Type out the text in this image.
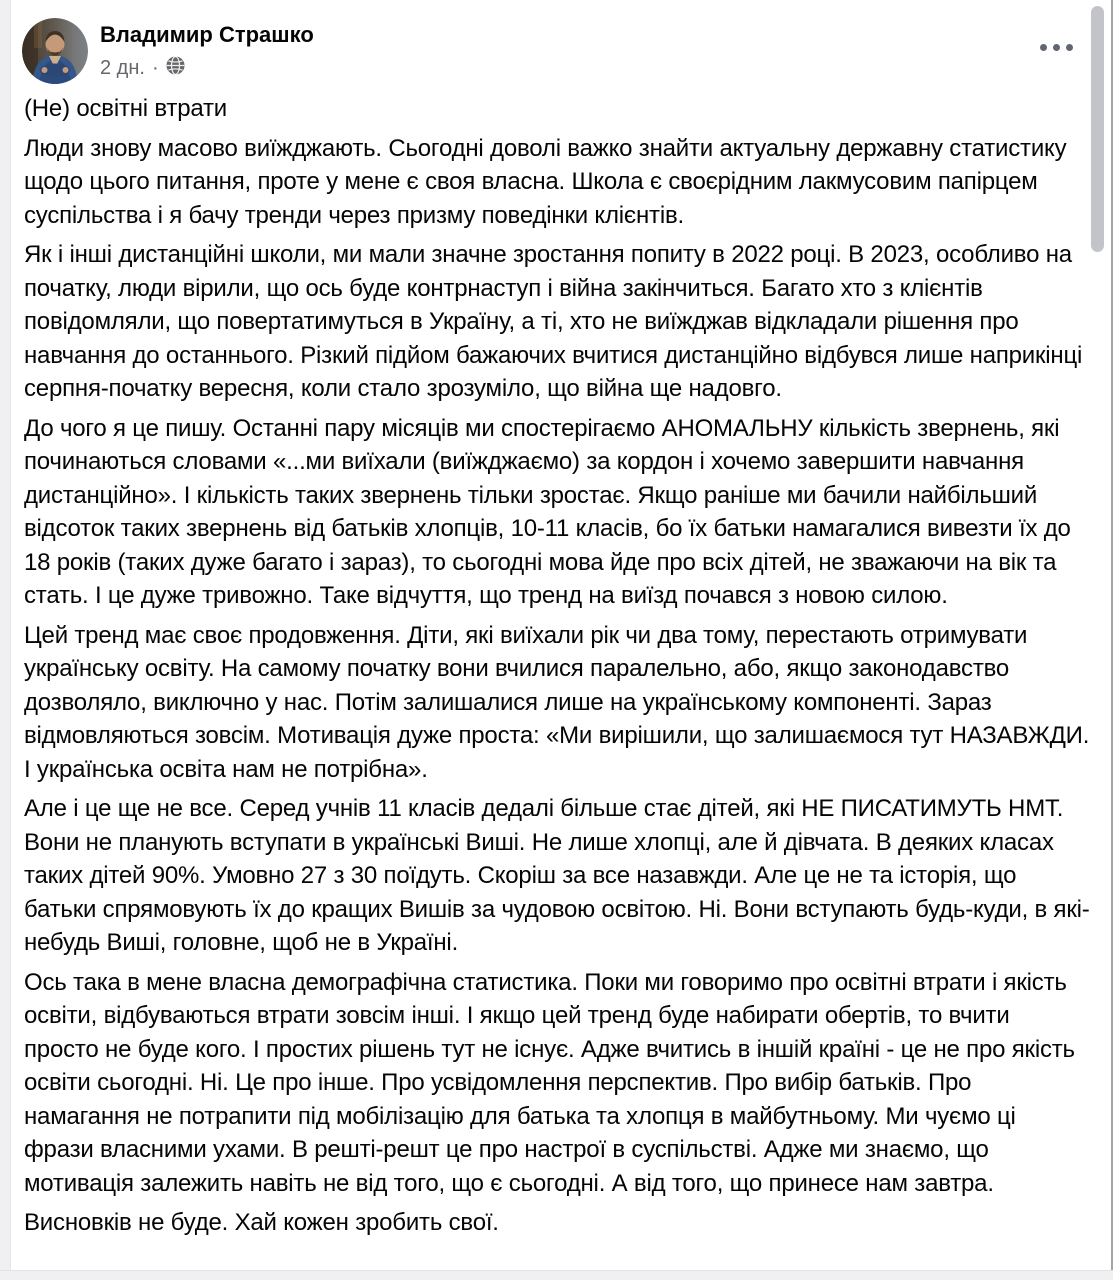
Владимир Страшко
2 дн. ·

(Не) освітні втрати

Люди знову масово виїжджають. Сьогодні доволі важко знайти актуальну державну статистику щодо цього питання, проте у мене є своя власна. Школа є своєрідним лакмусовим папірцем суспільства і я бачу тренди через призму поведінки клієнтів.

Як і інші дистанційні школи, ми мали значне зростання попиту в 2022 році. В 2023, особливо на початку, люди вірили, що ось буде контрнаступ і війна закінчиться. Багато хто з клієнтів повідомляли, що повертатимуться в Україну, а ті, хто не виїжджав відкладали рішення про навчання до останнього. Різкий підйом бажаючих вчитися дистанційно відбувся лише наприкінці серпня-початку вересня, коли стало зрозуміло, що війна ще надовго.

До чого я це пишу. Останні пару місяців ми спостерігаємо АНОМАЛЬНУ кількість звернень, які починаються словами «...ми виїхали (виїжджаємо) за кордон і хочемо завершити навчання дистанційно». І кількість таких звернень тільки зростає. Якщо раніше ми бачили найбільший відсоток таких звернень від батьків хлопців, 10-11 класів, бо їх батьки намагалися вивезти їх до 18 років (таких дуже багато і зараз), то сьогодні мова йде про всіх дітей, не зважаючи на вік та стать. І це дуже тривожно. Таке відчуття, що тренд на виїзд почався з новою силою.

Цей тренд має своє продовження. Діти, які виїхали рік чи два тому, перестають отримувати українську освіту. На самому початку вони вчилися паралельно, або, якщо законодавство дозволяло, виключно у нас. Потім залишалися лише на українському компоненті. Зараз відмовляються зовсім. Мотивація дуже проста: «Ми вирішили, що залишаємося тут НАЗАВЖДИ. І українська освіта нам не потрібна».

Але і це ще не все. Серед учнів 11 класів дедалі більше стає дітей, які НЕ ПИСАТИМУТЬ НМТ. Вони не планують вступати в українські Виші. Не лише хлопці, але й дівчата. В деяких класах таких дітей 90%. Умовно 27 з 30 поїдуть. Скоріш за все назавжди. Але це не та історія, що батьки спрямовують їх до кращих Вишів за чудовою освітою. Ні. Вони вступають будь-куди, в які-небудь Виші, головне, щоб не в Україні.

Ось така в мене власна демографічна статистика. Поки ми говоримо про освітні втрати і якість освіти, відбуваються втрати зовсім інші. І якщо цей тренд буде набирати обертів, то вчити просто не буде кого. І простих рішень тут не існує. Адже вчитись в іншій країні - це не про якість освіти сьогодні. Ні. Це про інше. Про усвідомлення перспектив. Про вибір батьків. Про намагання не потрапити під мобілізацію для батька та хлопця в майбутньому. Ми чуємо ці фрази власними ухами. В решті-решт це про настрої в суспільстві. Адже ми знаємо, що мотивація залежить навіть не від того, що є сьогодні. А від того, що принесе нам завтра.

Висновків не буде. Хай кожен зробить свої.
